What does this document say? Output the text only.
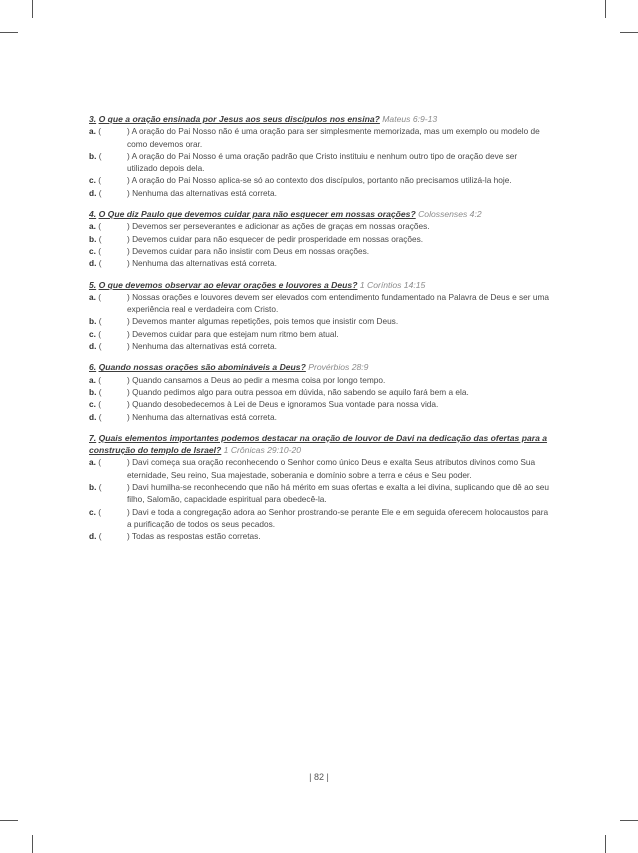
3. O que a oração ensinada por Jesus aos seus discípulos nos ensina? Mateus 6:9-13
a. (	) A oração do Pai Nosso não é uma oração para ser simplesmente memorizada, mas um exemplo ou modelo de como devemos orar.
b. (	) A oração do Pai Nosso é uma oração padrão que Cristo instituiu e nenhum outro tipo de oração deve ser utilizado depois dela.
c. (	) A oração do Pai Nosso aplica-se só ao contexto dos discípulos, portanto não precisamos utilizá-la hoje.
d. (	) Nenhuma das alternativas está correta.
4. O Que diz Paulo que devemos cuidar para não esquecer em nossas orações? Colossenses 4:2
a. (	) Devemos ser perseverantes e adicionar as ações de graças em nossas orações.
b. (	) Devemos cuidar para não esquecer de pedir prosperidade em nossas orações.
c. (	) Devemos cuidar para não insistir com Deus em nossas orações.
d. (	) Nenhuma das alternativas está correta.
5. O que devemos observar ao elevar orações e louvores a Deus? 1 Coríntios 14:15
a. (	) Nossas orações e louvores devem ser elevados com entendimento fundamentado na Palavra de Deus e ser uma experiência real e verdadeira com Cristo.
b. (	) Devemos manter algumas repetições, pois temos que insistir com Deus.
c. (	) Devemos cuidar para que estejam num ritmo bem atual.
d. (	) Nenhuma das alternativas está correta.
6. Quando nossas orações são abomináveis a Deus? Provérbios 28:9
a. (	) Quando cansamos a Deus ao pedir a mesma coisa por longo tempo.
b. (	) Quando pedimos algo para outra pessoa em dúvida, não sabendo se aquilo fará bem a ela.
c. (	) Quando desobedecemos à Lei de Deus e ignoramos Sua vontade para nossa vida.
d. (	) Nenhuma das alternativas está correta.
7. Quais elementos importantes podemos destacar na oração de louvor de Davi na dedicação das ofertas para a construção do templo de Israel? 1 Crônicas 29:10-20
a. (	) Davi começa sua oração reconhecendo o Senhor como único Deus e exalta Seus atributos divinos como Sua eternidade, Seu reino, Sua majestade, soberania e domínio sobre a terra e céus e Seu poder.
b. (	) Davi humilha-se reconhecendo que não há mérito em suas ofertas e exalta a lei divina, suplicando que dê ao seu filho, Salomão, capacidade espiritual para obedecê-la.
c. (	) Davi e toda a congregação adora ao Senhor prostrando-se perante Ele e em seguida oferecem holocaustos para a purificação de todos os seus pecados.
d. (	) Todas as respostas estão corretas.
| 82 |
